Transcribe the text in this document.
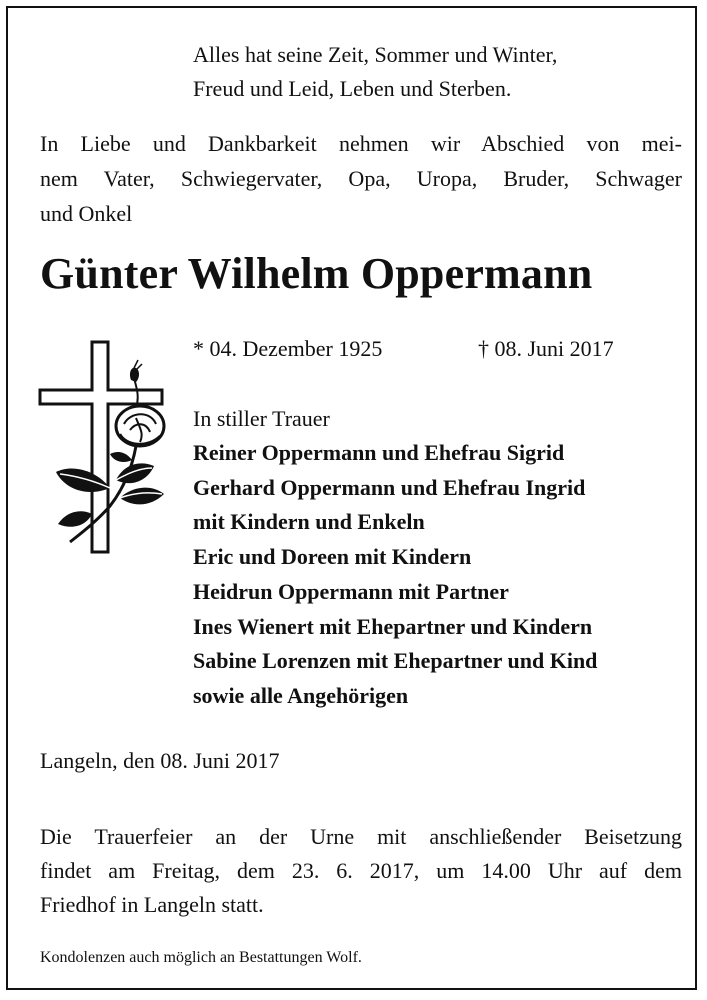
Alles hat seine Zeit, Sommer und Winter,
Freud und Leid, Leben und Sterben.

In Liebe und Dankbarkeit nehmen wir Abschied von mei-
nem Vater, Schwiegervater, Opa, Uropa, Bruder, Schwager
und Onkel

Günter Wilhelm Oppermann
* 04. Dezember 1925	† 08. Juni 2017

In stiller Trauer

Reiner Oppermann und Ehefrau Sigrid
Gerhard Oppermann und Ehefrau Ingrid
mit Kindern und Enkeln
Eric und Doreen mit Kindern
Heidrun Oppermann mit Partner
Ines Wienert mit Ehepartner und Kindern
Sabine Lorenzen mit Ehepartner und Kind
sowie alle Angehörigen

Langeln, den 08. Juni 2017

Die Trauerfeier an der Urne mit anschließender Beisetzung
findet am Freitag, dem 23. 6. 2017, um 14.00 Uhr auf dem
Friedhof in Langeln statt.

Kondolenzen auch möglich an Bestattungen Wolf.
